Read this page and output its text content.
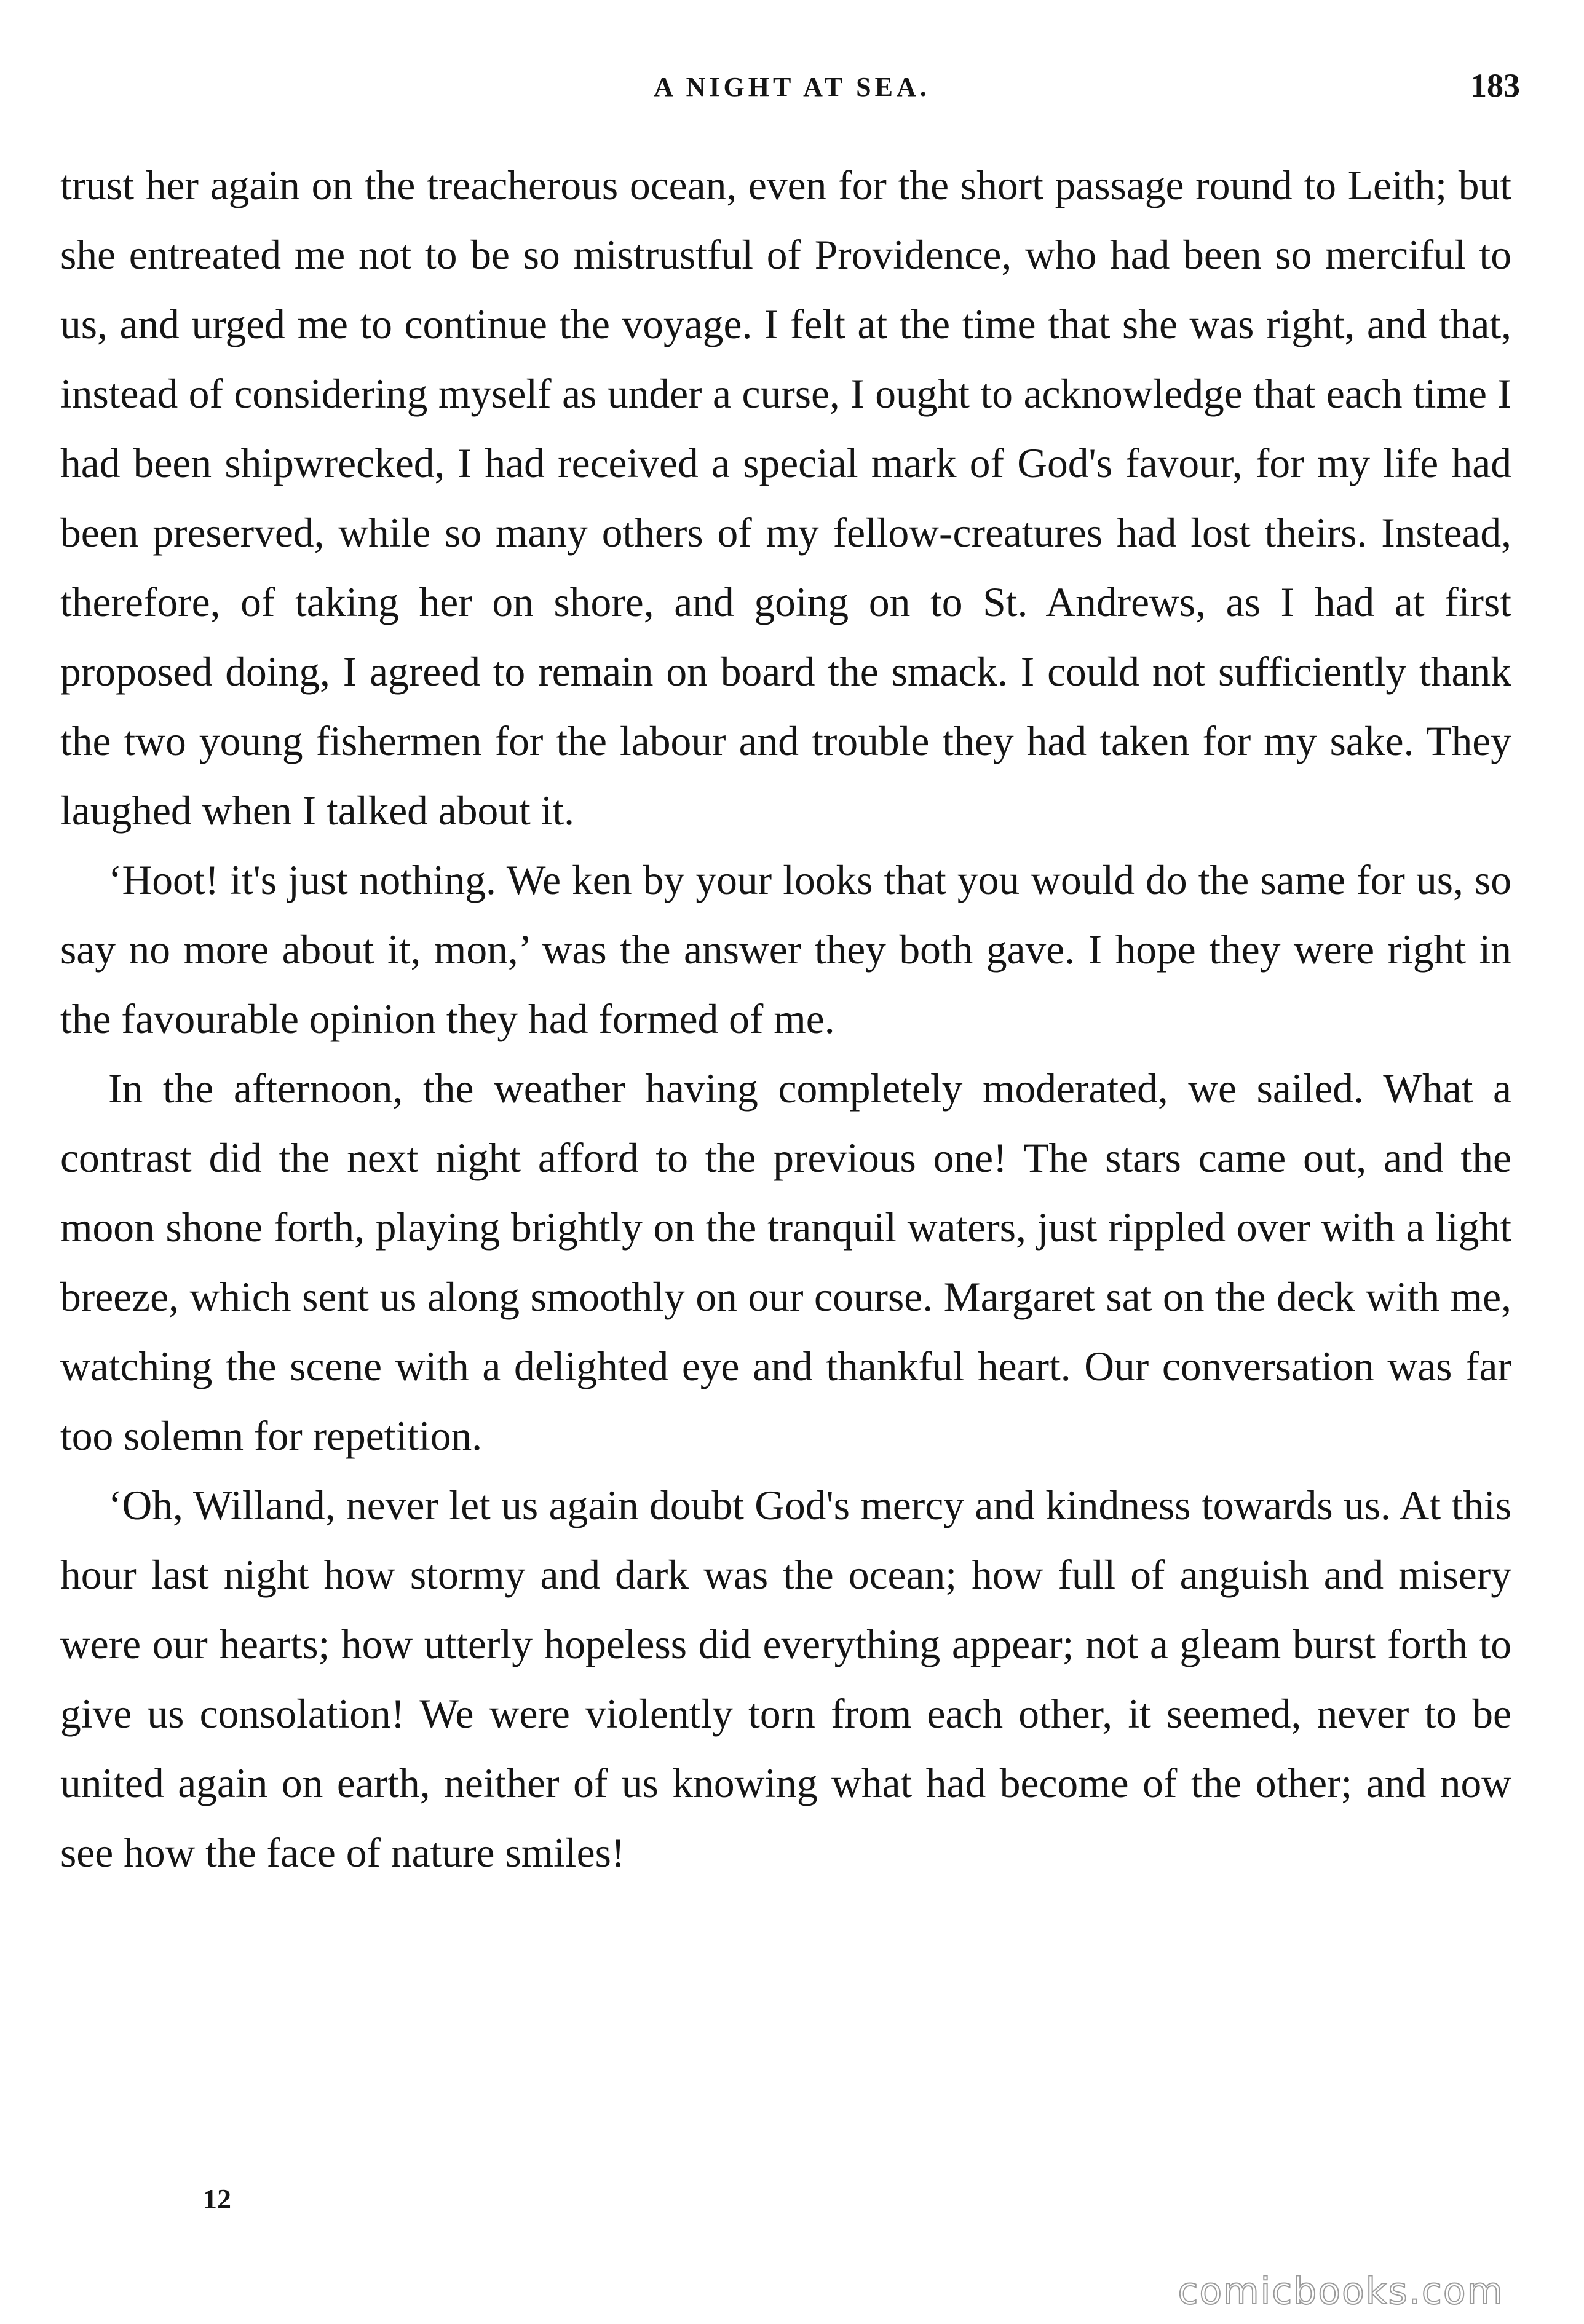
A NIGHT AT SEA.	183

trust her again on the treacherous ocean, even for the short passage round to Leith; but she entreated me not to be so mistrustful of Providence, who had been so merciful to us, and urged me to continue the voyage. I felt at the time that she was right, and that, instead of considering myself as under a curse, I ought to acknowledge that each time I had been shipwrecked, I had received a special mark of God's favour, for my life had been preserved, while so many others of my fellow-creatures had lost theirs. Instead, therefore, of taking her on shore, and going on to St. Andrews, as I had at first proposed doing, I agreed to remain on board the smack. I could not sufficiently thank the two young fishermen for the labour and trouble they had taken for my sake. They laughed when I talked about it.

‘Hoot! it's just nothing. We ken by your looks that you would do the same for us, so say no more about it, mon,’ was the answer they both gave. I hope they were right in the favourable opinion they had formed of me.

In the afternoon, the weather having completely moderated, we sailed. What a contrast did the next night afford to the previous one! The stars came out, and the moon shone forth, playing brightly on the tranquil waters, just rippled over with a light breeze, which sent us along smoothly on our course. Margaret sat on the deck with me, watching the scene with a delighted eye and thankful heart. Our conversation was far too solemn for repetition.

‘Oh, Willand, never let us again doubt God's mercy and kindness towards us. At this hour last night how stormy and dark was the ocean; how full of anguish and misery were our hearts; how utterly hopeless did everything appear; not a gleam burst forth to give us consolation! We were violently torn from each other, it seemed, never to be united again on earth, neither of us knowing what had become of the other; and now see how the face of nature smiles!

12
comicbooks.com
